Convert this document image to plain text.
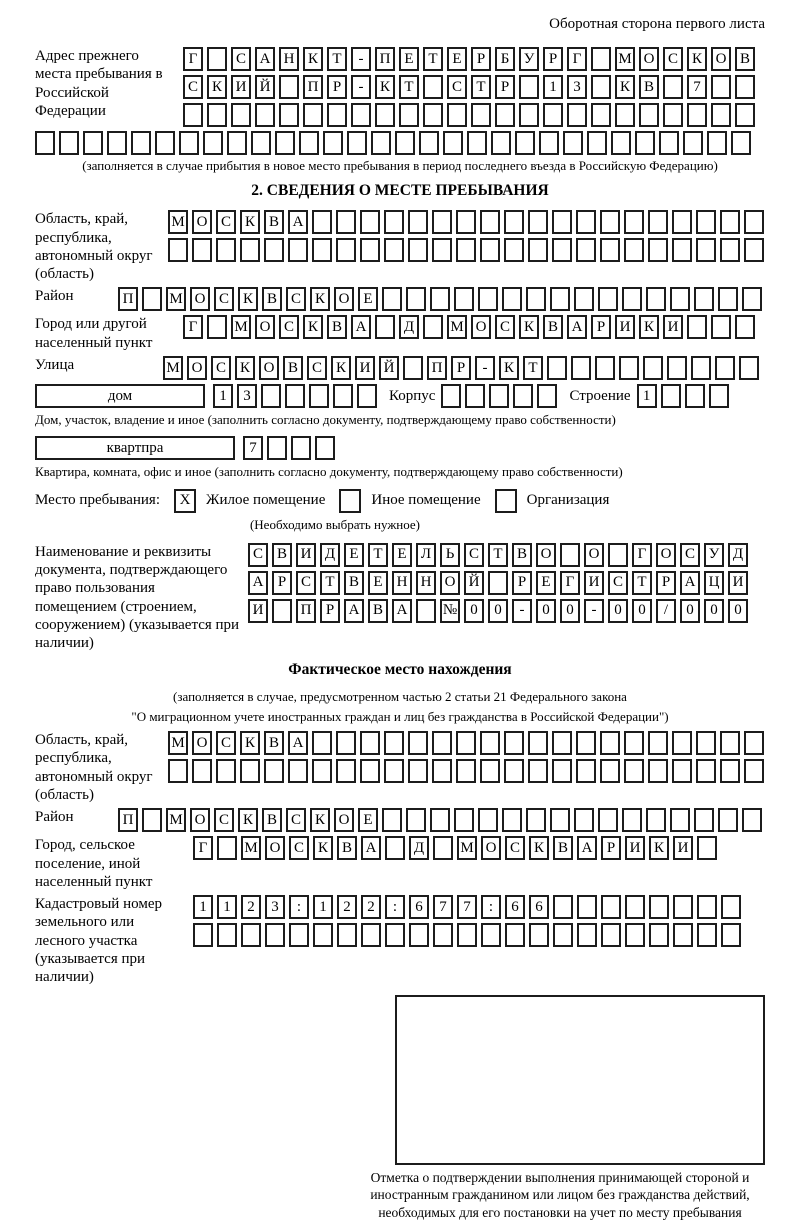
Оборотная сторона первого листа
Адрес прежнего места пребывания в Российской Федерации
Г	С А Н К Т	-	П Е Т Е	Р	Б У Р	Г	М О С К О В
С К И Й	П Р	-	К Т	С Т	Р	1	3	К В	7
(заполняется в случае прибытия в новое место пребывания в период последнего въезда в Российскую Федерацию)
2. СВЕДЕНИЯ О МЕСТЕ ПРЕБЫВАНИЯ
Область, край, республика, автономный округ (область)
М О С К В А
Район	П	М О С К В С К О Е
Город или другой населенный пункт
Г	М О С К В А	Д	М О С К В А Р И К И
Улица	М О С К О В С К И Й	П Р	-	К Т
дом	1	3	Корпус	Строение 1
Дом, участок, владение и иное (заполнить согласно документу, подтверждающему право собственности)
квартпра	7
Квартира, комната, офис и иное (заполнить согласно документу, подтверждающему право собственности)
Место пребывания:	X	Жилое помещение	Иное помещение	Организация
(Необходимо выбрать нужное)
Наименование и реквизиты документа, подтверждающего право пользования помещением (строением, сооружением) (указывается при наличии)
С В И Д Е Т Е Л Ь С Т В О	О	Г О С У Д
А Р С Т В Е Н Н О Й	Р	Е	Г И С Т	Р А Ц И
И	П Р А В А	№ 0	0	-	0	0	-	0	0	/	0	0	0
Фактическое место нахождения
(заполняется в случае, предусмотренном частью 2 статьи 21 Федерального закона
"О миграционном учете иностранных граждан и лиц без гражданства в Российской Федерации")
Область, край, республика, автономный округ (область)
М О С К В А
Район	П	М О С К В С К О Е
Город, сельское поселение, иной населенный пункт
Г	М О С К В А	Д	М О С К В А Р И К И
Кадастровый номер земельного или лесного участка (указывается при наличии)
1	1	2	3	:	1	2	2	:	6	7	7	:	6	6
Отметка о подтверждении выполнения принимающей стороной и иностранным гражданином или лицом без гражданства действий, необходимых для его постановки на учет по месту пребывания
